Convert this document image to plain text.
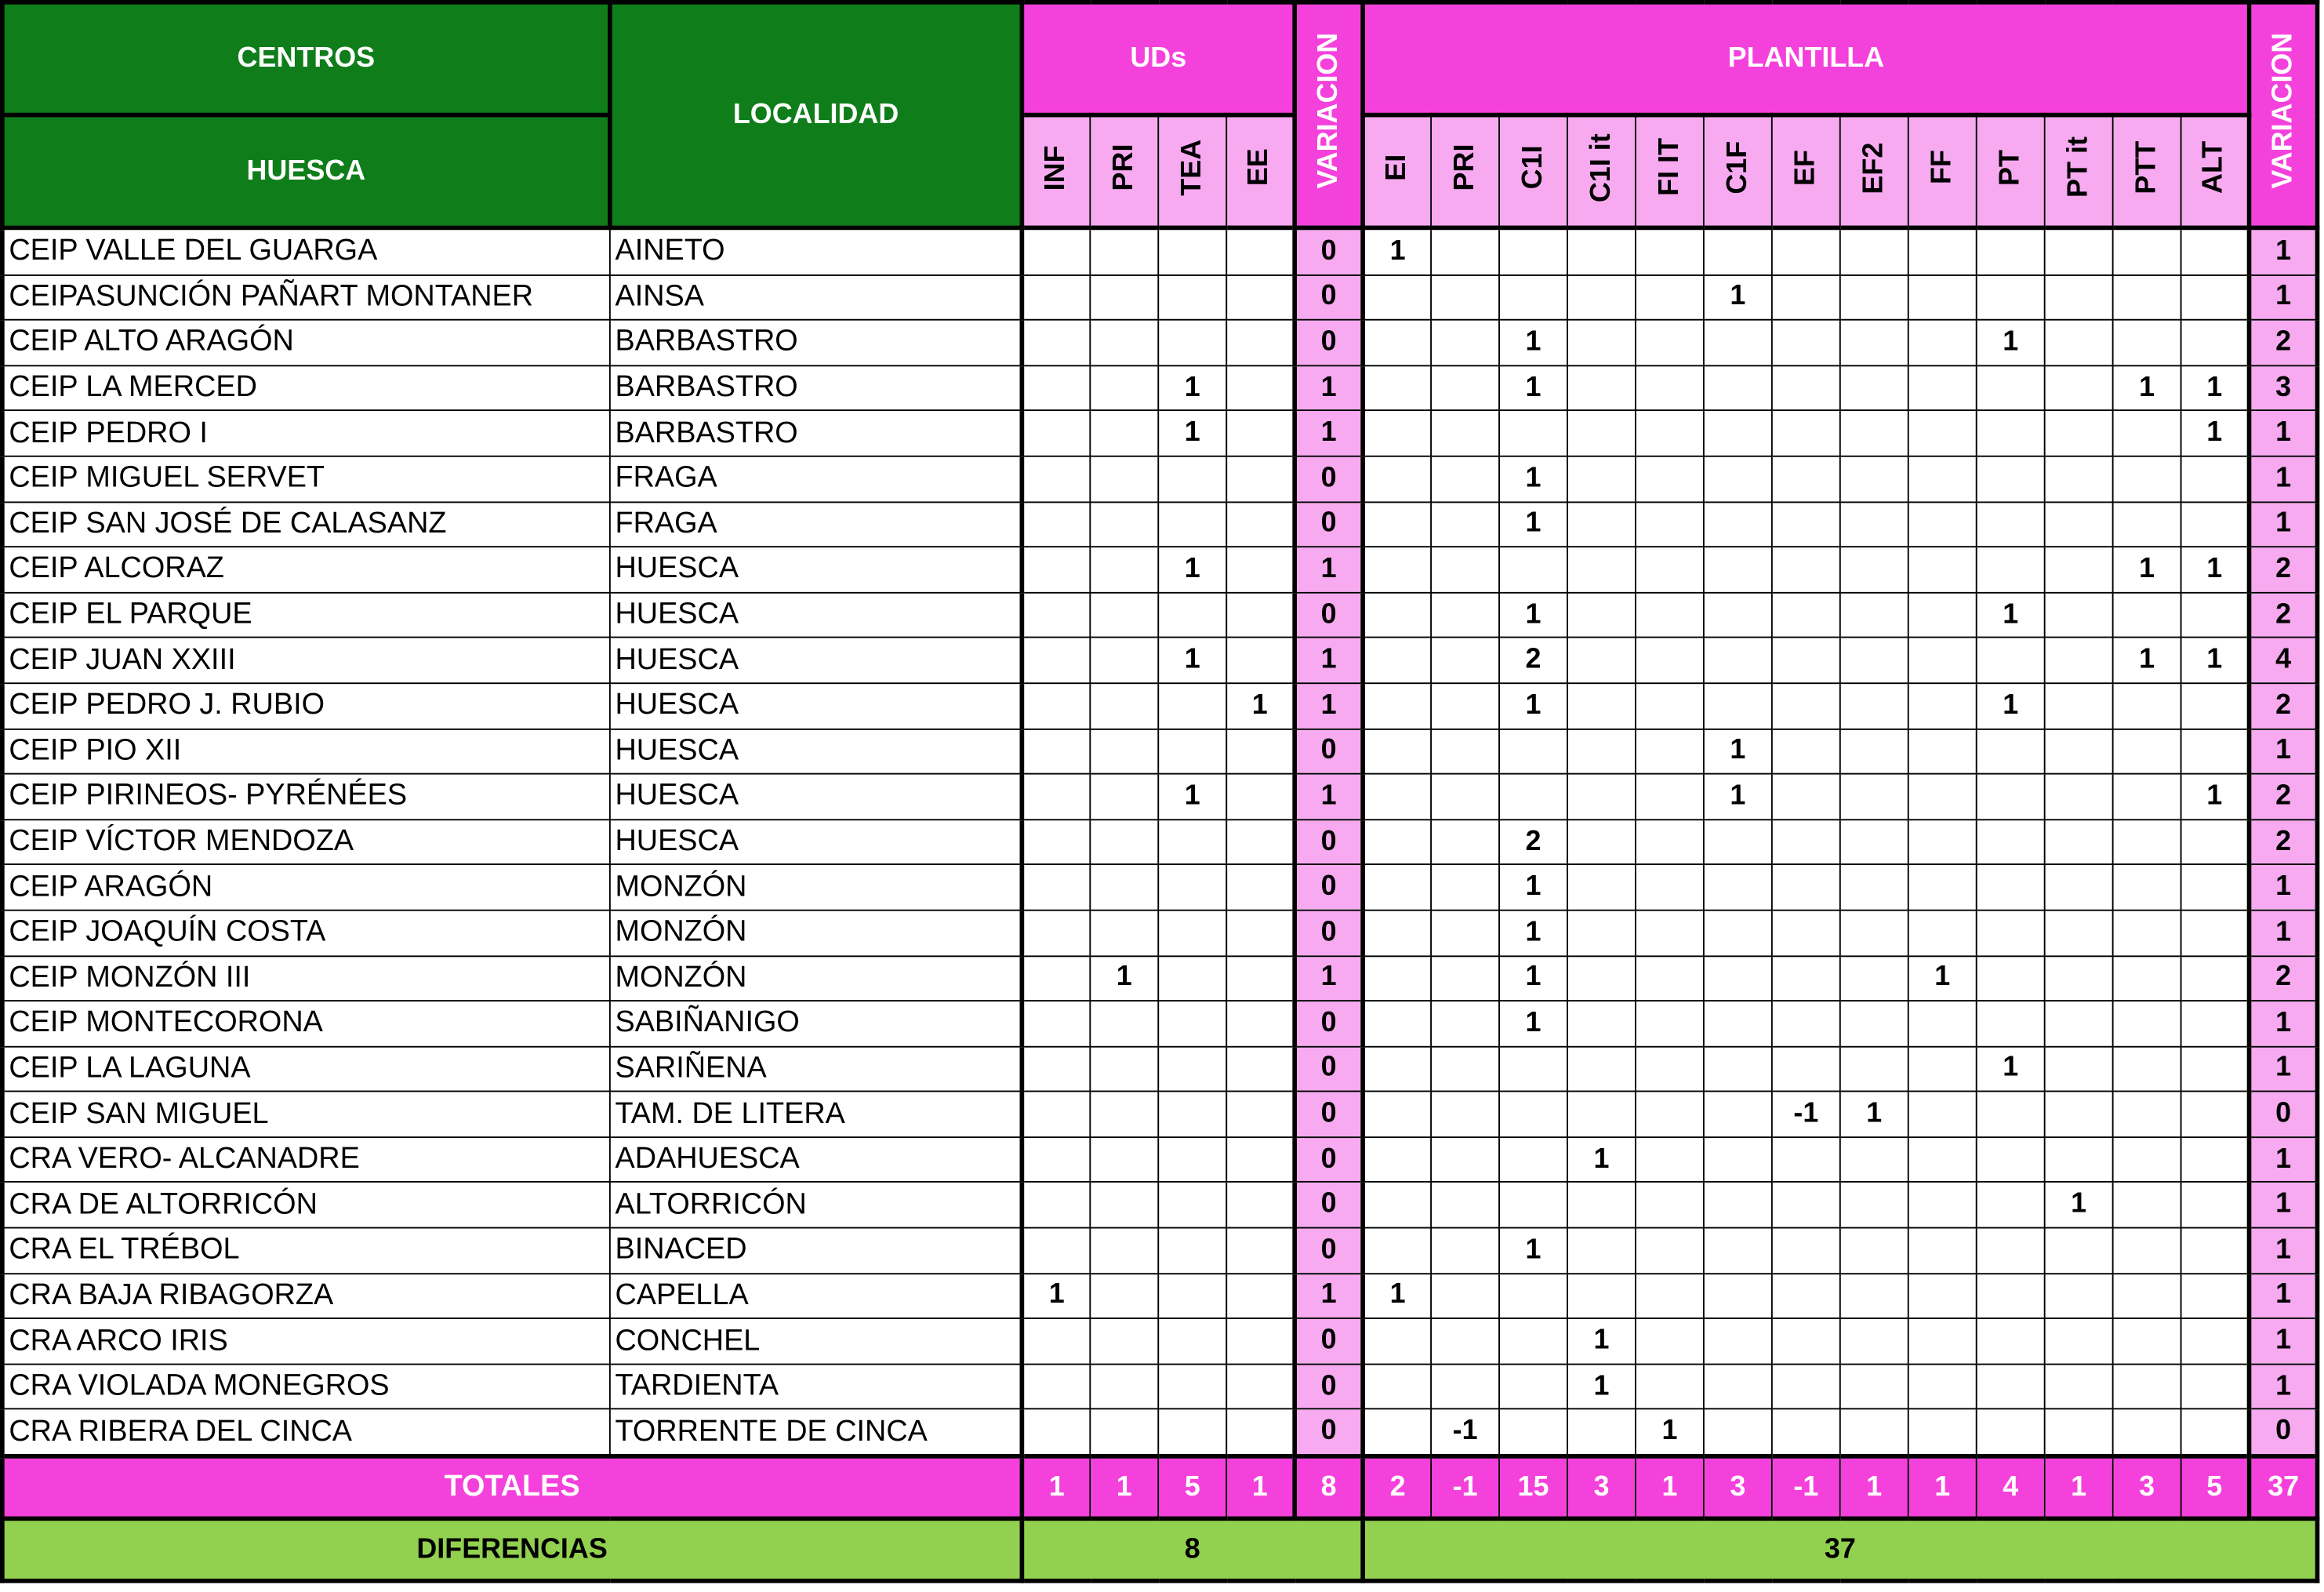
CENTROS	LOCALIDAD	UDs				VARIACION	PLANTILLA													VARIACION
HUESCA		INF	PRI	TEA	EE		EI	PRI	C1I	C1I it	FI IT	C1F	EF	EF2	FF	PT	PT it	PTT	ALT	
CEIP VALLE DEL GUARGA	AINETO					0	1													1
CEIPASUNCIÓN PAÑART MONTANER	AINSA					0						1								1
CEIP ALTO ARAGÓN	BARBASTRO					0			1							1				2
CEIP LA MERCED	BARBASTRO			1		1			1									1	1	3
CEIP PEDRO I	BARBASTRO			1		1													1	1
CEIP MIGUEL SERVET	FRAGA					0			1											1
CEIP SAN JOSÉ DE CALASANZ	FRAGA					0			1											1
CEIP ALCORAZ	HUESCA			1		1												1	1	2
CEIP EL PARQUE	HUESCA					0			1							1				2
CEIP JUAN XXIII	HUESCA			1		1			2									1	1	4
CEIP PEDRO J. RUBIO	HUESCA				1	1			1							1				2
CEIP PIO XII	HUESCA					0						1								1
CEIP PIRINEOS- PYRÉNÉES	HUESCA			1		1						1							1	2
CEIP VÍCTOR MENDOZA	HUESCA					0			2											2
CEIP ARAGÓN	MONZÓN					0			1											1
CEIP JOAQUÍN COSTA	MONZÓN					0			1											1
CEIP MONZÓN III	MONZÓN		1			1			1						1					2
CEIP MONTECORONA	SABIÑANIGO					0			1											1
CEIP LA LAGUNA	SARIÑENA					0										1				1
CEIP SAN MIGUEL	TAM. DE LITERA					0							-1	1						0
CRA VERO- ALCANADRE	ADAHUESCA					0				1										1
CRA DE ALTORRICÓN	ALTORRICÓN					0											1			1
CRA EL TRÉBOL	BINACED					0			1											1
CRA BAJA RIBAGORZA	CAPELLA	1				1	1													1
CRA ARCO IRIS	CONCHEL					0				1										1
CRA VIOLADA MONEGROS	TARDIENTA					0				1										1
CRA RIBERA DEL CINCA	TORRENTE DE CINCA					0		-1			1									0
TOTALES		1	1	5	1	8	2	-1	15	3	1	3	-1	1	1	4	1	3	5	37
DIFERENCIAS		8					37													
